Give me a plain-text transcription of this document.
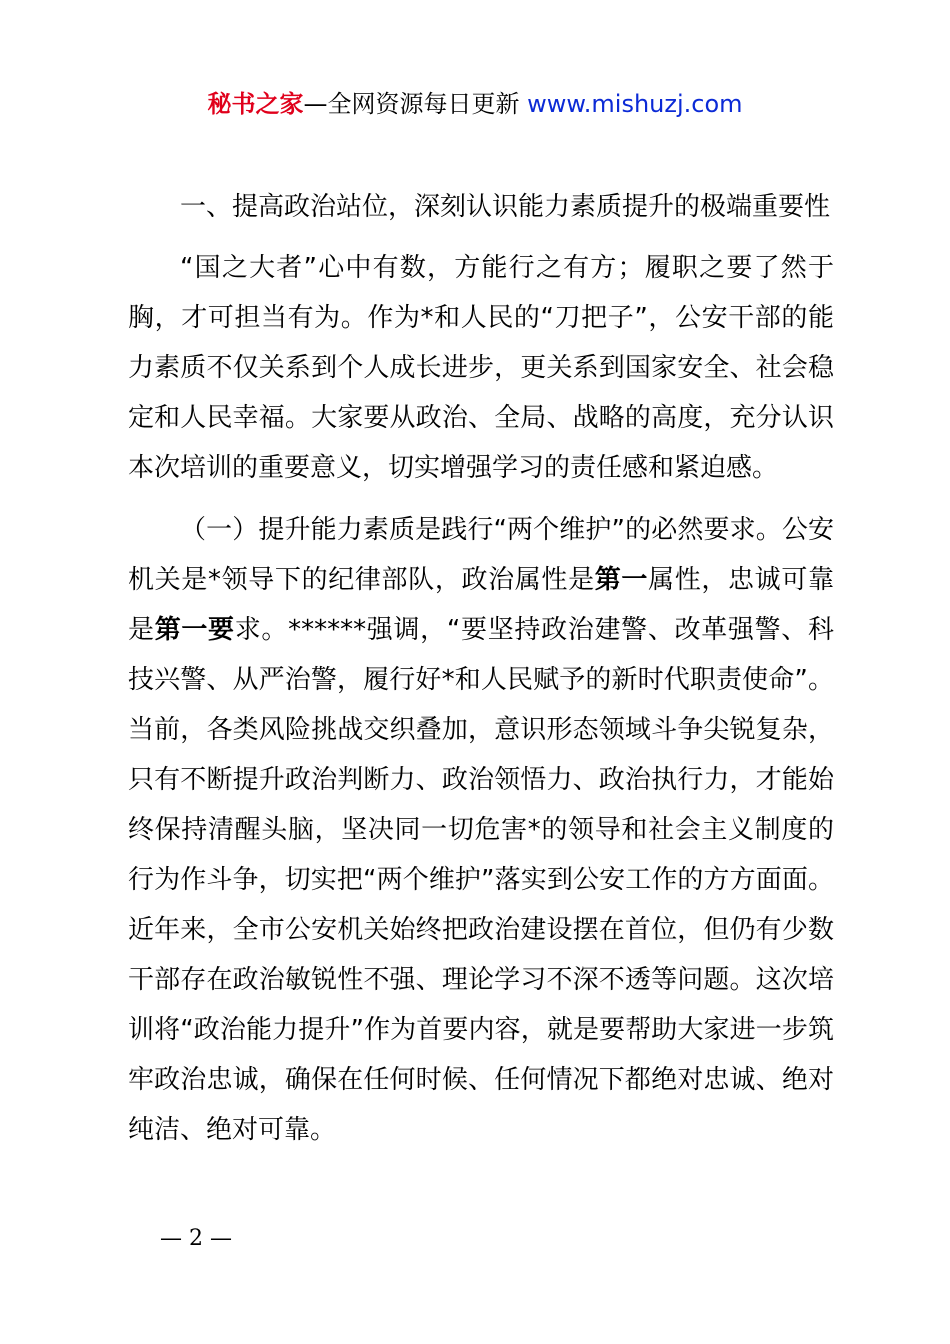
秘书之家—全网资源每日更新 www.mishuzj.com

一、提高政治站位，深刻认识能力素质提升的极端重要性

“国之大者”心中有数，方能行之有方；履职之要了然于胸，才可担当有为。作为*和人民的“刀把子”，公安干部的能力素质不仅关系到个人成长进步，更关系到国家安全、社会稳定和人民幸福。大家要从政治、全局、战略的高度，充分认识本次培训的重要意义，切实增强学习的责任感和紧迫感。

（一）提升能力素质是践行“两个维护”的必然要求。公安机关是*领导下的纪律部队，政治属性是第一属性，忠诚可靠是第一要求。******强调，“要坚持政治建警、改革强警、科技兴警、从严治警，履行好*和人民赋予的新时代职责使命”。当前，各类风险挑战交织叠加，意识形态领域斗争尖锐复杂，只有不断提升政治判断力、政治领悟力、政治执行力，才能始终保持清醒头脑，坚决同一切危害*的领导和社会主义制度的行为作斗争，切实把“两个维护”落实到公安工作的方方面面。近年来，全市公安机关始终把政治建设摆在首位，但仍有少数干部存在政治敏锐性不强、理论学习不深不透等问题。这次培训将“政治能力提升”作为首要内容，就是要帮助大家进一步筑牢政治忠诚，确保在任何时候、任何情况下都绝对忠诚、绝对纯洁、绝对可靠。

— 2 —
